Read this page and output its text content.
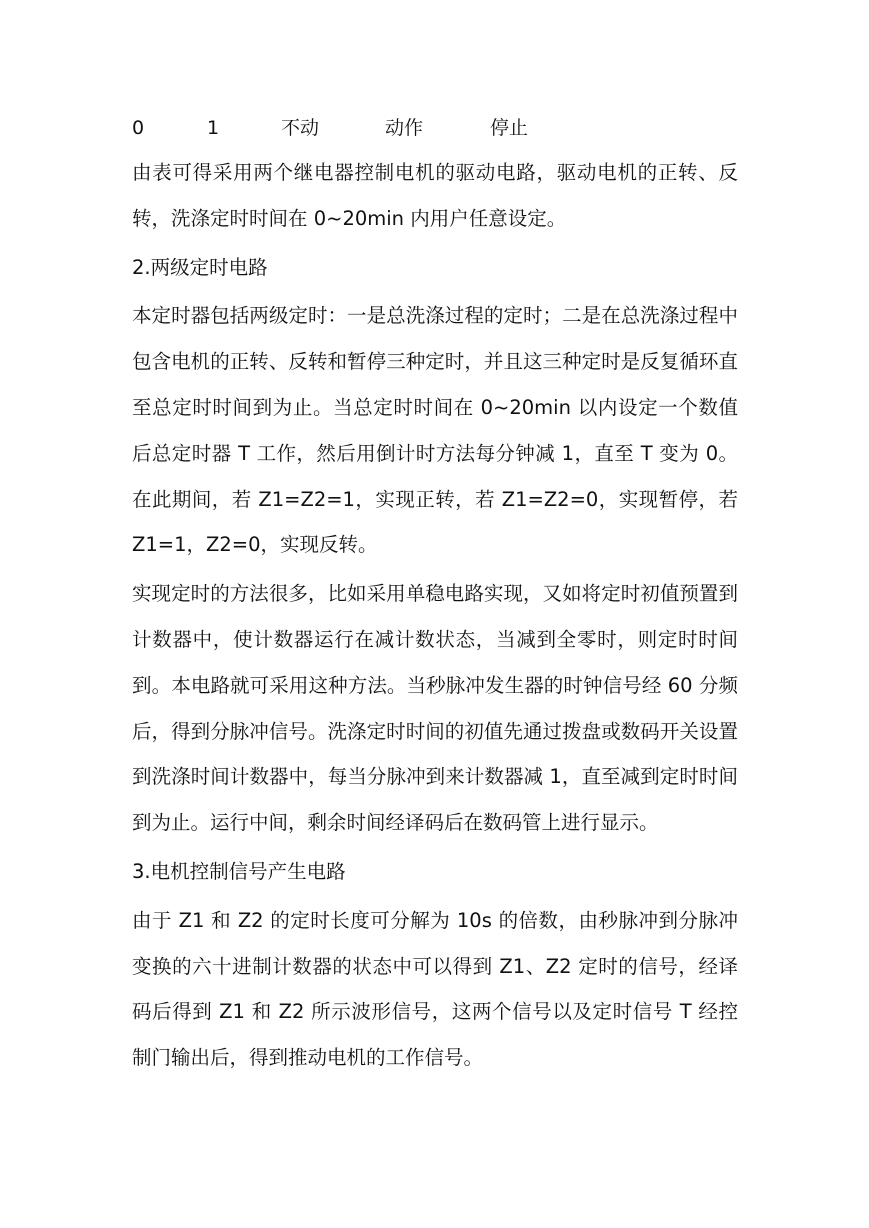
0	1	不动	动作	停止

由表可得采用两个继电器控制电机的驱动电路，驱动电机的正转、反转，洗涤定时时间在 0~20min 内用户任意设定。

2.两级定时电路

本定时器包括两级定时：一是总洗涤过程的定时；二是在总洗涤过程中包含电机的正转、反转和暂停三种定时，并且这三种定时是反复循环直至总定时时间到为止。当总定时时间在 0~20min 以内设定一个数值后总定时器 T 工作，然后用倒计时方法每分钟减 1，直至 T 变为 0。在此期间，若 Z1=Z2=1，实现正转，若 Z1=Z2=0，实现暂停，若 Z1=1，Z2=0，实现反转。

实现定时的方法很多，比如采用单稳电路实现，又如将定时初值预置到计数器中，使计数器运行在减计数状态，当减到全零时，则定时时间到。本电路就可采用这种方法。当秒脉冲发生器的时钟信号经 60 分频后，得到分脉冲信号。洗涤定时时间的初值先通过拨盘或数码开关设置到洗涤时间计数器中，每当分脉冲到来计数器减 1，直至减到定时时间到为止。运行中间，剩余时间经译码后在数码管上进行显示。

3.电机控制信号产生电路

由于 Z1 和 Z2 的定时长度可分解为 10s 的倍数，由秒脉冲到分脉冲变换的六十进制计数器的状态中可以得到 Z1、Z2 定时的信号，经译码后得到 Z1 和 Z2 所示波形信号，这两个信号以及定时信号 T 经控制门输出后，得到推动电机的工作信号。
